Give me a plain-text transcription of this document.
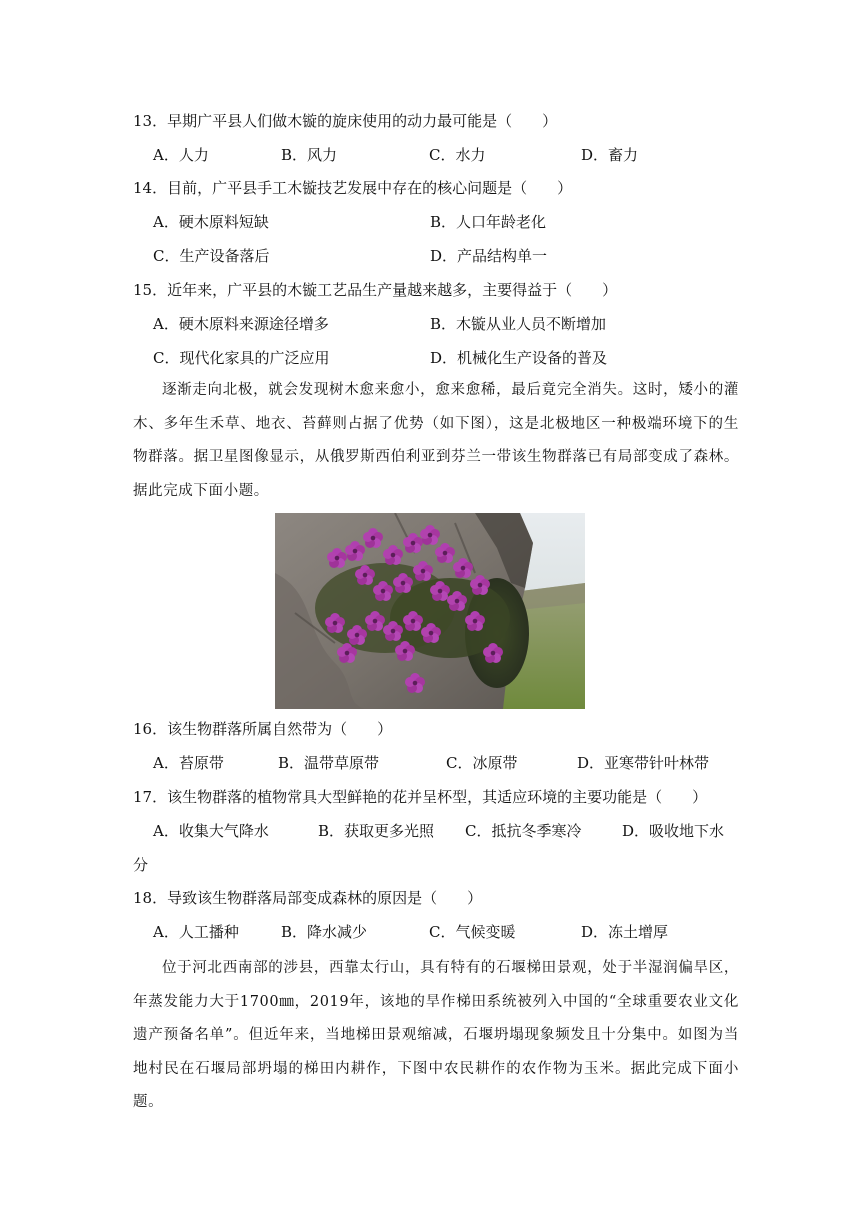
13．早期广平县人们做木镟的旋床使用的动力最可能是（　　）
A．人力	B．风力	C．水力	D．畜力
14．目前，广平县手工木镟技艺发展中存在的核心问题是（　　）
A．硬木原料短缺	B．人口年龄老化
C．生产设备落后	D．产品结构单一
15．近年来，广平县的木镟工艺品生产量越来越多，主要得益于（　　）
A．硬木原料来源途径增多	B．木镟从业人员不断增加
C．现代化家具的广泛应用	D．机械化生产设备的普及
逐渐走向北极，就会发现树木愈来愈小，愈来愈稀，最后竟完全消失。这时，矮小的灌木、多年生禾草、地衣、苔藓则占据了优势（如下图），这是北极地区一种极端环境下的生物群落。据卫星图像显示，从俄罗斯西伯利亚到芬兰一带该生物群落已有局部变成了森林。据此完成下面小题。
16．该生物群落所属自然带为（　　）
A．苔原带	B．温带草原带	C．冰原带	D．亚寒带针叶林带
17．该生物群落的植物常具大型鲜艳的花并呈杯型，其适应环境的主要功能是（　　）
A．收集大气降水	B．获取更多光照 C．抵抗冬季寒冷	D．吸收地下水
分
18．导致该生物群落局部变成森林的原因是（　　）
A．人工播种	B．降水减少	C．气候变暖	D．冻土增厚
位于河北西南部的涉县，西靠太行山，具有特有的石堰梯田景观，处于半湿润偏旱区，年蒸发能力大于1700㎜，2019年，该地的旱作梯田系统被列入中国的“全球重要农业文化遗产预备名单”。但近年来，当地梯田景观缩减，石堰坍塌现象频发且十分集中。如图为当地村民在石堰局部坍塌的梯田内耕作，下图中农民耕作的农作物为玉米。据此完成下面小题。
